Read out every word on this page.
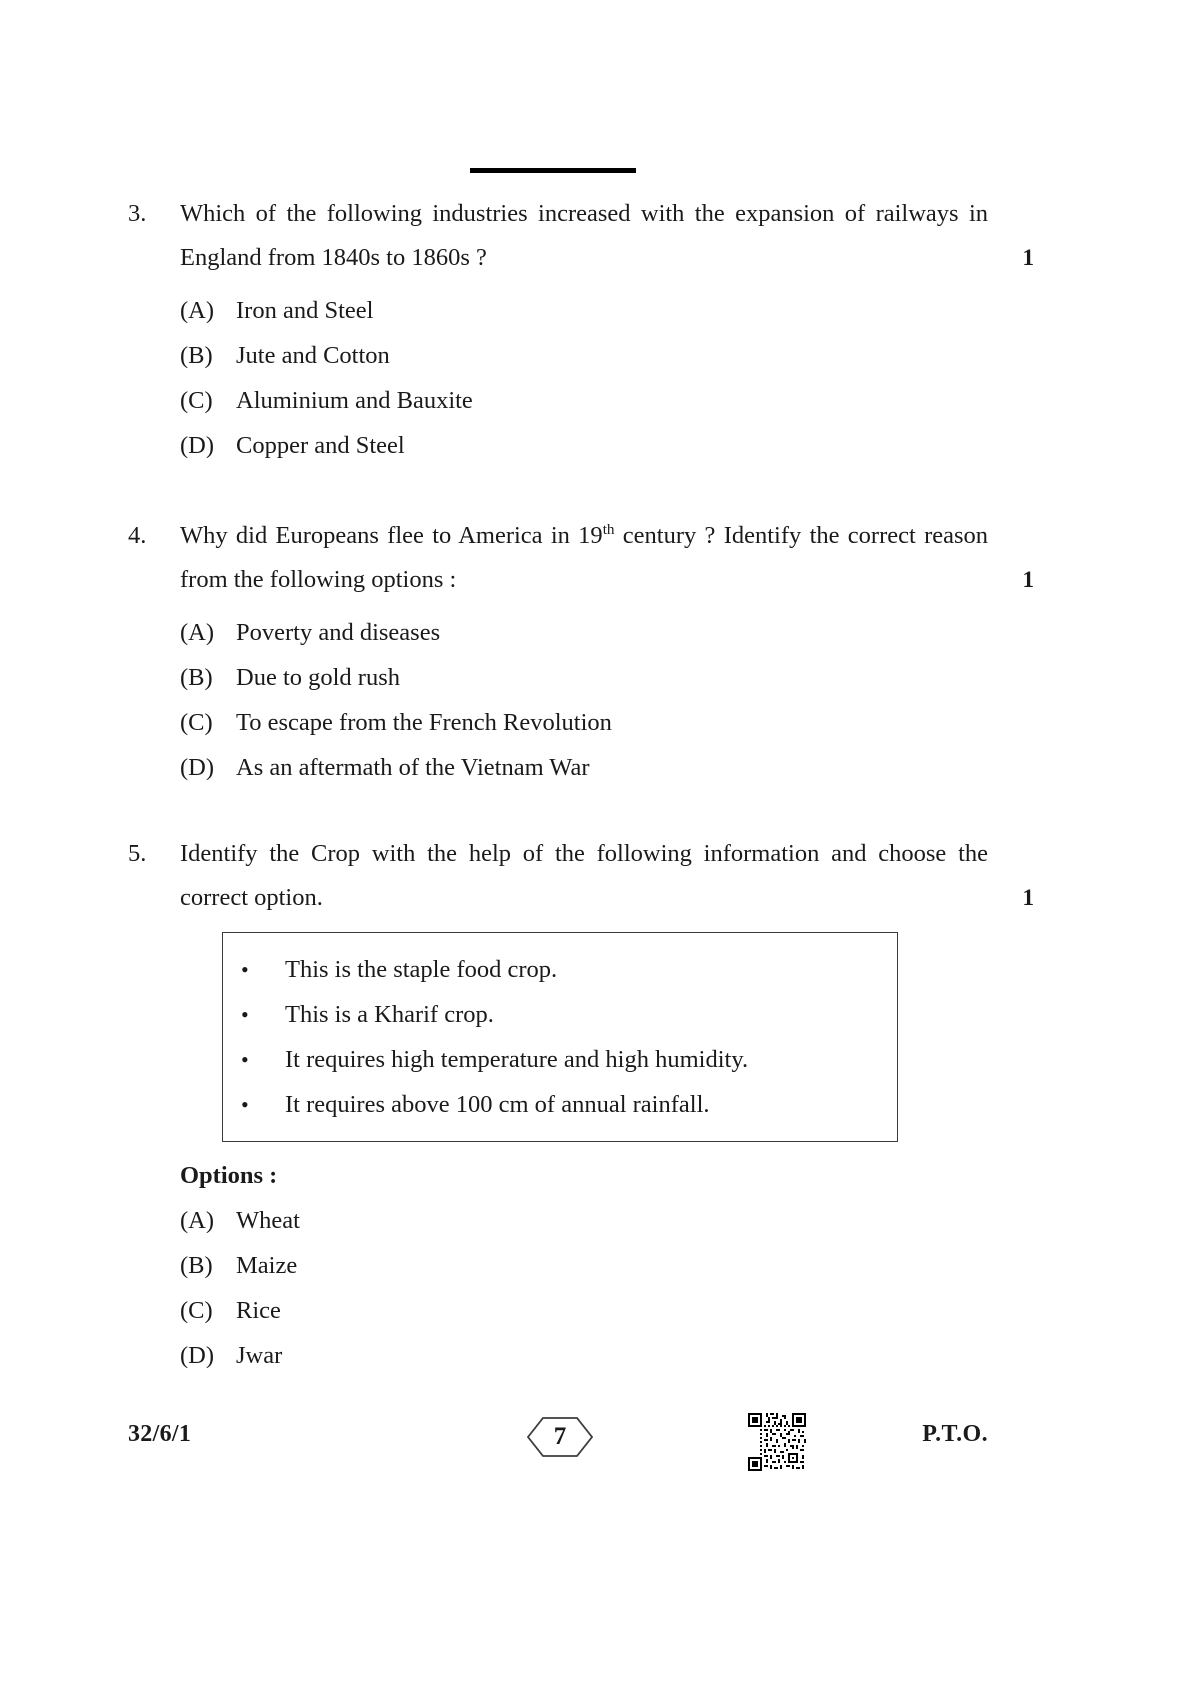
3.	Which of the following industries increased with the expansion of railways in England from 1840s to 1860s ?	1
(A) Iron and Steel
(B) Jute and Cotton
(C) Aluminium and Bauxite
(D) Copper and Steel
4.	Why did Europeans flee to America in 19th century ? Identify the correct reason from the following options :	1
(A) Poverty and diseases
(B) Due to gold rush
(C) To escape from the French Revolution
(D) As an aftermath of the Vietnam War
5.	Identify the Crop with the help of the following information and choose the correct option.	1
• This is the staple food crop.
• This is a Kharif crop.
• It requires high temperature and high humidity.
• It requires above 100 cm of annual rainfall.
Options :
(A) Wheat
(B) Maize
(C) Rice
(D) Jwar
32/6/1	7	P.T.O.
